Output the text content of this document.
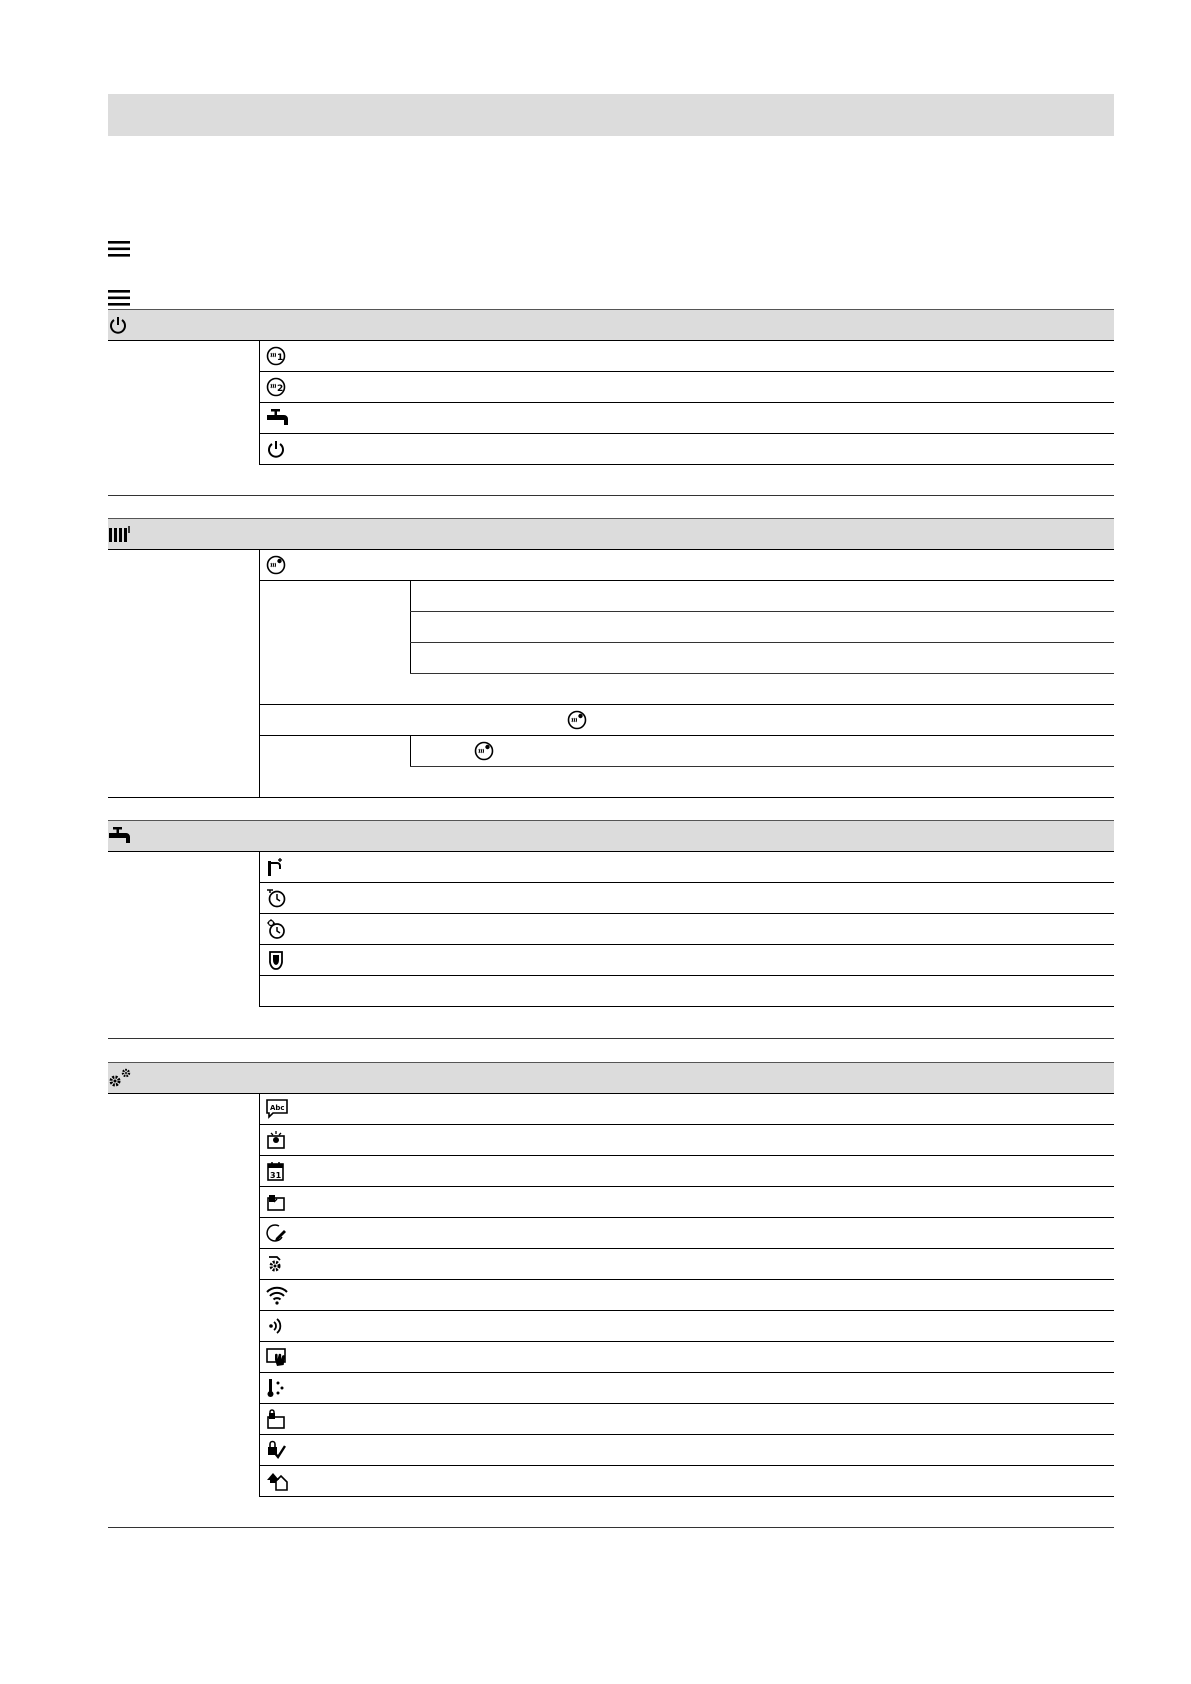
1
2
Abc
31
